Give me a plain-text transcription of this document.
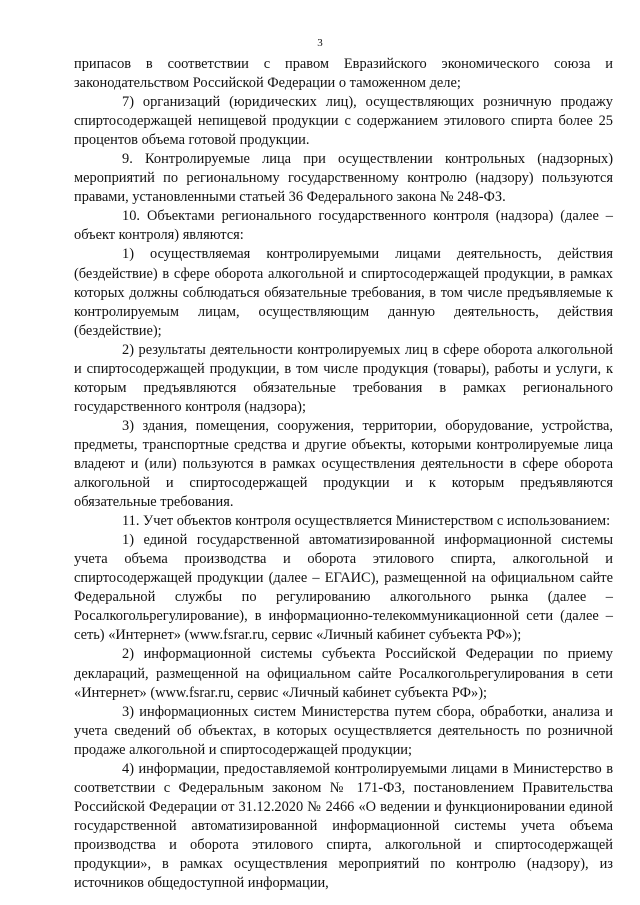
3

припасов в соответствии с правом Евразийского экономического союза и законодательством Российской Федерации о таможенном деле;

7) организаций (юридических лиц), осуществляющих розничную продажу спиртосодержащей непищевой продукции с содержанием этилового спирта более 25 процентов объема готовой продукции.

9. Контролируемые лица при осуществлении контрольных (надзорных) мероприятий по региональному государственному контролю (надзору) пользуются правами, установленными статьей 36 Федерального закона № 248-ФЗ.

10. Объектами регионального государственного контроля (надзора) (далее – объект контроля) являются:

1) осуществляемая контролируемыми лицами деятельность, действия (бездействие) в сфере оборота алкогольной и спиртосодержащей продукции, в рамках которых должны соблюдаться обязательные требования, в том числе предъявляемые к контролируемым лицам, осуществляющим данную деятельность, действия (бездействие);

2) результаты деятельности контролируемых лиц в сфере оборота алкогольной и спиртосодержащей продукции, в том числе продукция (товары), работы и услуги, к которым предъявляются обязательные требования в рамках регионального государственного контроля (надзора);

3) здания, помещения, сооружения, территории, оборудование, устройства, предметы, транспортные средства и другие объекты, которыми контролируемые лица владеют и (или) пользуются в рамках осуществления деятельности в сфере оборота алкогольной и спиртосодержащей продукции и к которым предъявляются обязательные требования.

11. Учет объектов контроля осуществляется Министерством с использованием:

1) единой государственной автоматизированной информационной системы учета объема производства и оборота этилового спирта, алкогольной и спиртосодержащей продукции (далее – ЕГАИС), размещенной на официальном сайте Федеральной службы по регулированию алкогольного рынка (далее – Росалкогольрегулирование), в информационно-телекоммуникационной сети (далее – сеть) «Интернет» (www.fsrar.ru, сервис «Личный кабинет субъекта РФ»);

2) информационной системы субъекта Российской Федерации по приему деклараций, размещенной на официальном сайте Росалкогольрегулирования в сети «Интернет» (www.fsrar.ru, сервис «Личный кабинет субъекта РФ»);

3) информационных систем Министерства путем сбора, обработки, анализа и учета сведений об объектах, в которых осуществляется деятельность по розничной продаже алкогольной и спиртосодержащей продукции;

4) информации, предоставляемой контролируемыми лицами в Министерство в соответствии с Федеральным законом № 171-ФЗ, постановлением Правительства Российской Федерации от 31.12.2020 № 2466 «О ведении и функционировании единой государственной автоматизированной информационной системы учета объема производства и оборота этилового спирта, алкогольной и спиртосодержащей продукции», в рамках осуществления мероприятий по контролю (надзору), из источников общедоступной информации,
